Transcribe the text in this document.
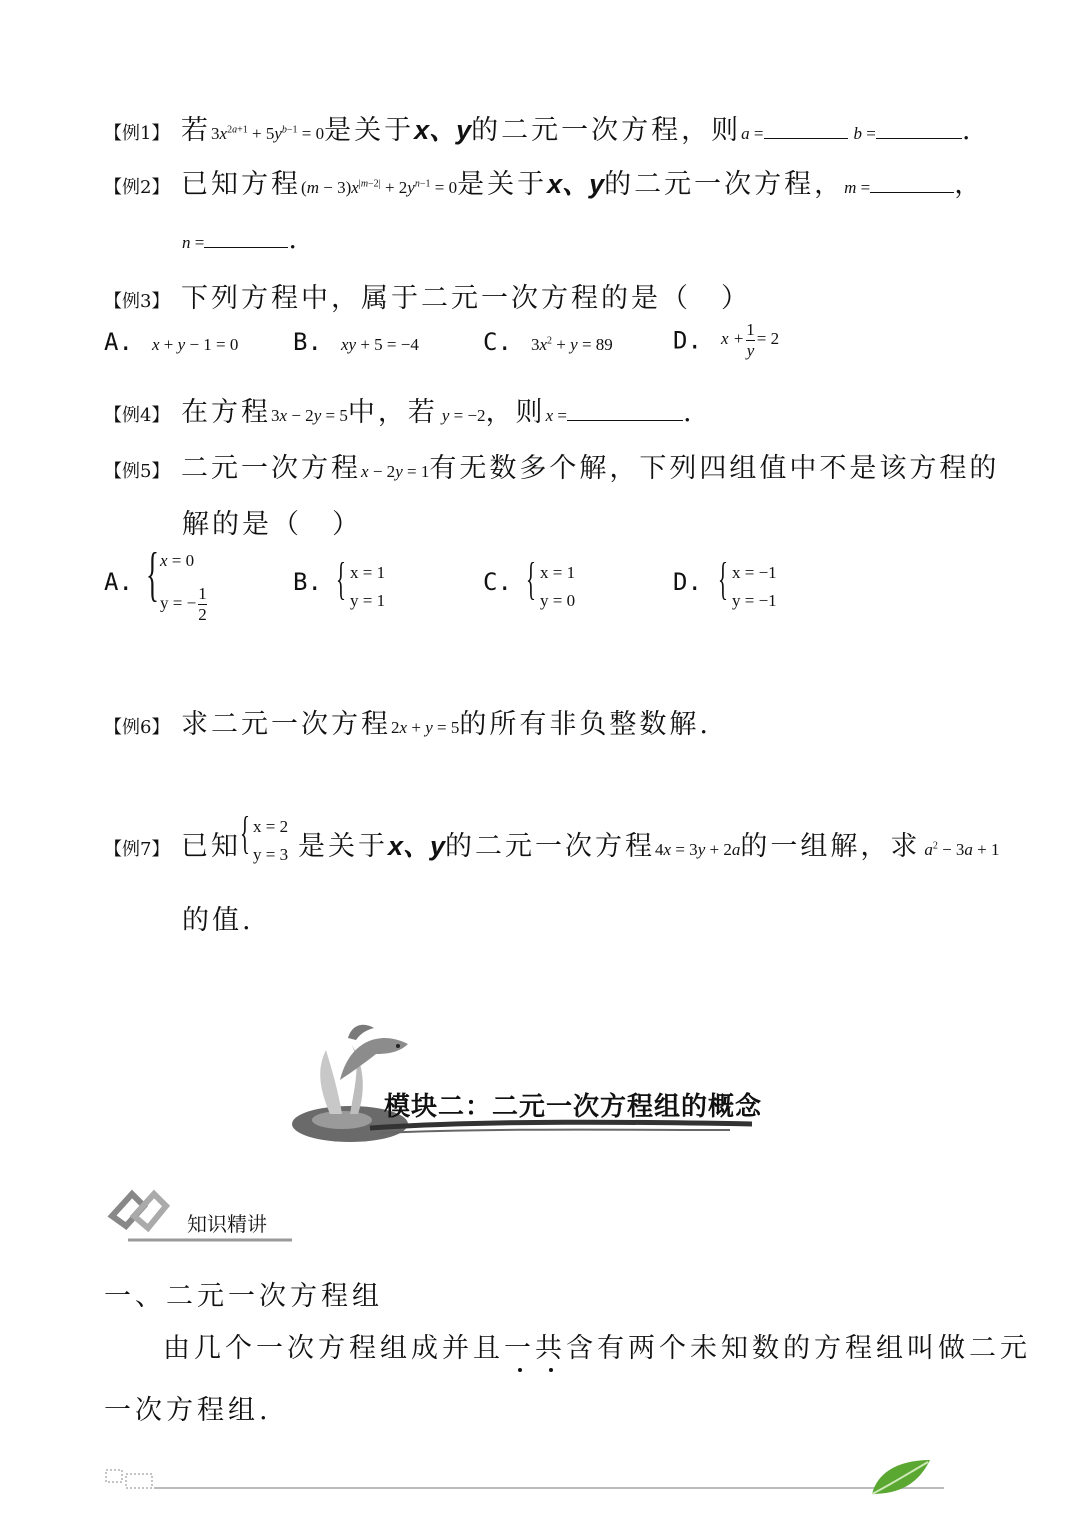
【例1】 若$3x^{2a+1} + 5y^{b-1} = 0$是关于x、y的二元一次方程，则a =	b =	.
【例2】 已知方程$(m - 3)x^{|m-2|} + 2y^{n-1} = 0$是关于x、y的二元一次方程，m =	，
n =	.
【例3】 下列方程中，属于二元一次方程的是（　）
A. x + y − 1 = 0 B. xy + 5 = −4	C. $3x^2 + y = 89$	D. $x + \frac{1}{y} = 2$
【例4】 在方程3x − 2y = 5中，若 y = −2，则x =	.
【例5】 二元一次方程x − 2y = 1有无数多个解，下列四组值中不是该方程的
解的是（　）
A. { x = 0
y = − $\frac{1}{2}$
B. { x = 1
y = 1
C. { x = 1
y = 0
D. { x = −1
y = −1
【例6】 求二元一次方程2x + y = 5的所有非负整数解.
【例7】 已知
{ x = 2
y = 3 是关于x、y的二元一次方程4x = 3y + 2a的一组解，求 $a^2 - 3a + 1$
的值.
模块二：二元一次方程组的概念
知识精讲
一、二元一次方程组
由几个一次方程组成并且一共含有两个未知数的方程组叫做二元
一次方程组.
